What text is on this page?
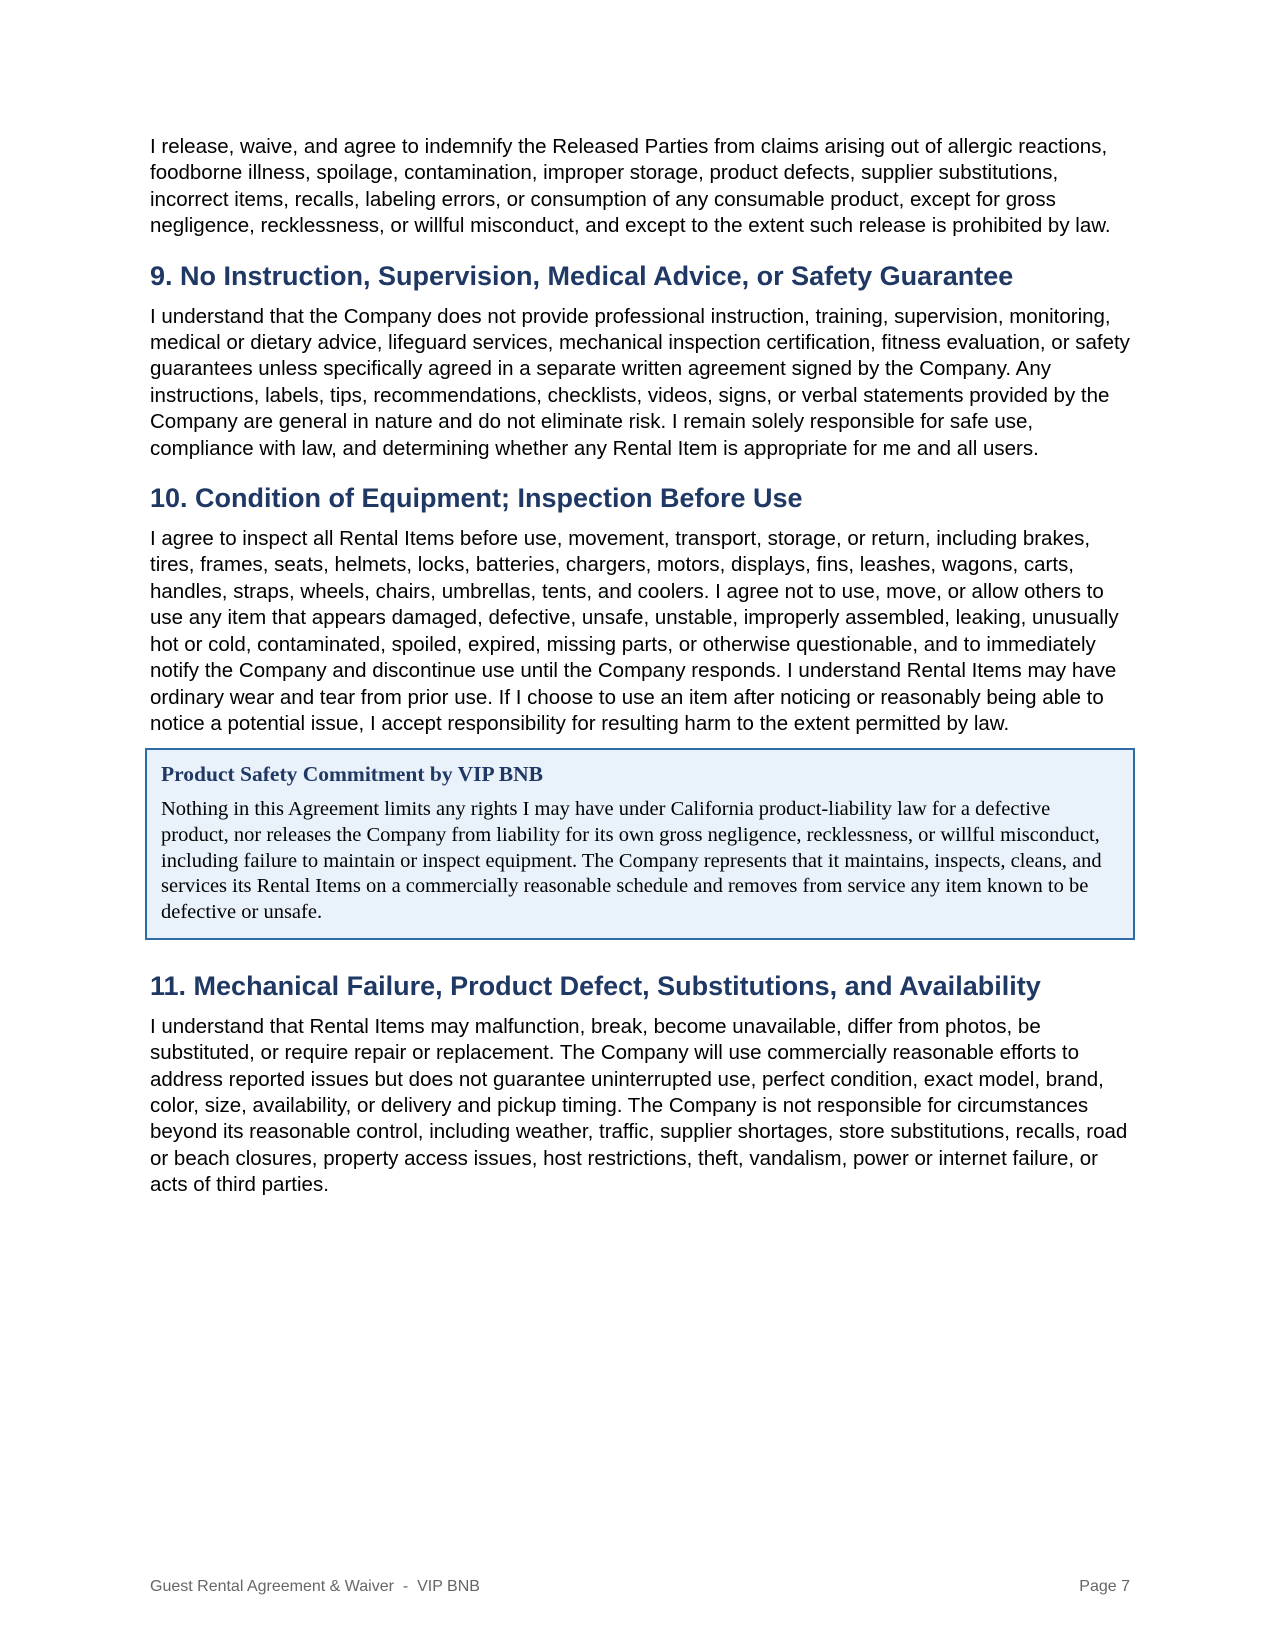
I release, waive, and agree to indemnify the Released Parties from claims arising out of allergic reactions, foodborne illness, spoilage, contamination, improper storage, product defects, supplier substitutions, incorrect items, recalls, labeling errors, or consumption of any consumable product, except for gross negligence, recklessness, or willful misconduct, and except to the extent such release is prohibited by law.

9. No Instruction, Supervision, Medical Advice, or Safety Guarantee

I understand that the Company does not provide professional instruction, training, supervision, monitoring, medical or dietary advice, lifeguard services, mechanical inspection certification, fitness evaluation, or safety guarantees unless specifically agreed in a separate written agreement signed by the Company. Any instructions, labels, tips, recommendations, checklists, videos, signs, or verbal statements provided by the Company are general in nature and do not eliminate risk. I remain solely responsible for safe use, compliance with law, and determining whether any Rental Item is appropriate for me and all users.

10. Condition of Equipment; Inspection Before Use

I agree to inspect all Rental Items before use, movement, transport, storage, or return, including brakes, tires, frames, seats, helmets, locks, batteries, chargers, motors, displays, fins, leashes, wagons, carts, handles, straps, wheels, chairs, umbrellas, tents, and coolers. I agree not to use, move, or allow others to use any item that appears damaged, defective, unsafe, unstable, improperly assembled, leaking, unusually hot or cold, contaminated, spoiled, expired, missing parts, or otherwise questionable, and to immediately notify the Company and discontinue use until the Company responds. I understand Rental Items may have ordinary wear and tear from prior use. If I choose to use an item after noticing or reasonably being able to notice a potential issue, I accept responsibility for resulting harm to the extent permitted by law.

Product Safety Commitment by VIP BNB

Nothing in this Agreement limits any rights I may have under California product-liability law for a defective product, nor releases the Company from liability for its own gross negligence, recklessness, or willful misconduct, including failure to maintain or inspect equipment. The Company represents that it maintains, inspects, cleans, and services its Rental Items on a commercially reasonable schedule and removes from service any item known to be defective or unsafe.

11. Mechanical Failure, Product Defect, Substitutions, and Availability

I understand that Rental Items may malfunction, break, become unavailable, differ from photos, be substituted, or require repair or replacement. The Company will use commercially reasonable efforts to address reported issues but does not guarantee uninterrupted use, perfect condition, exact model, brand, color, size, availability, or delivery and pickup timing. The Company is not responsible for circumstances beyond its reasonable control, including weather, traffic, supplier shortages, store substitutions, recalls, road or beach closures, property access issues, host restrictions, theft, vandalism, power or internet failure, or acts of third parties.

Guest Rental Agreement & Waiver  -  VIP BNB	Page 7
